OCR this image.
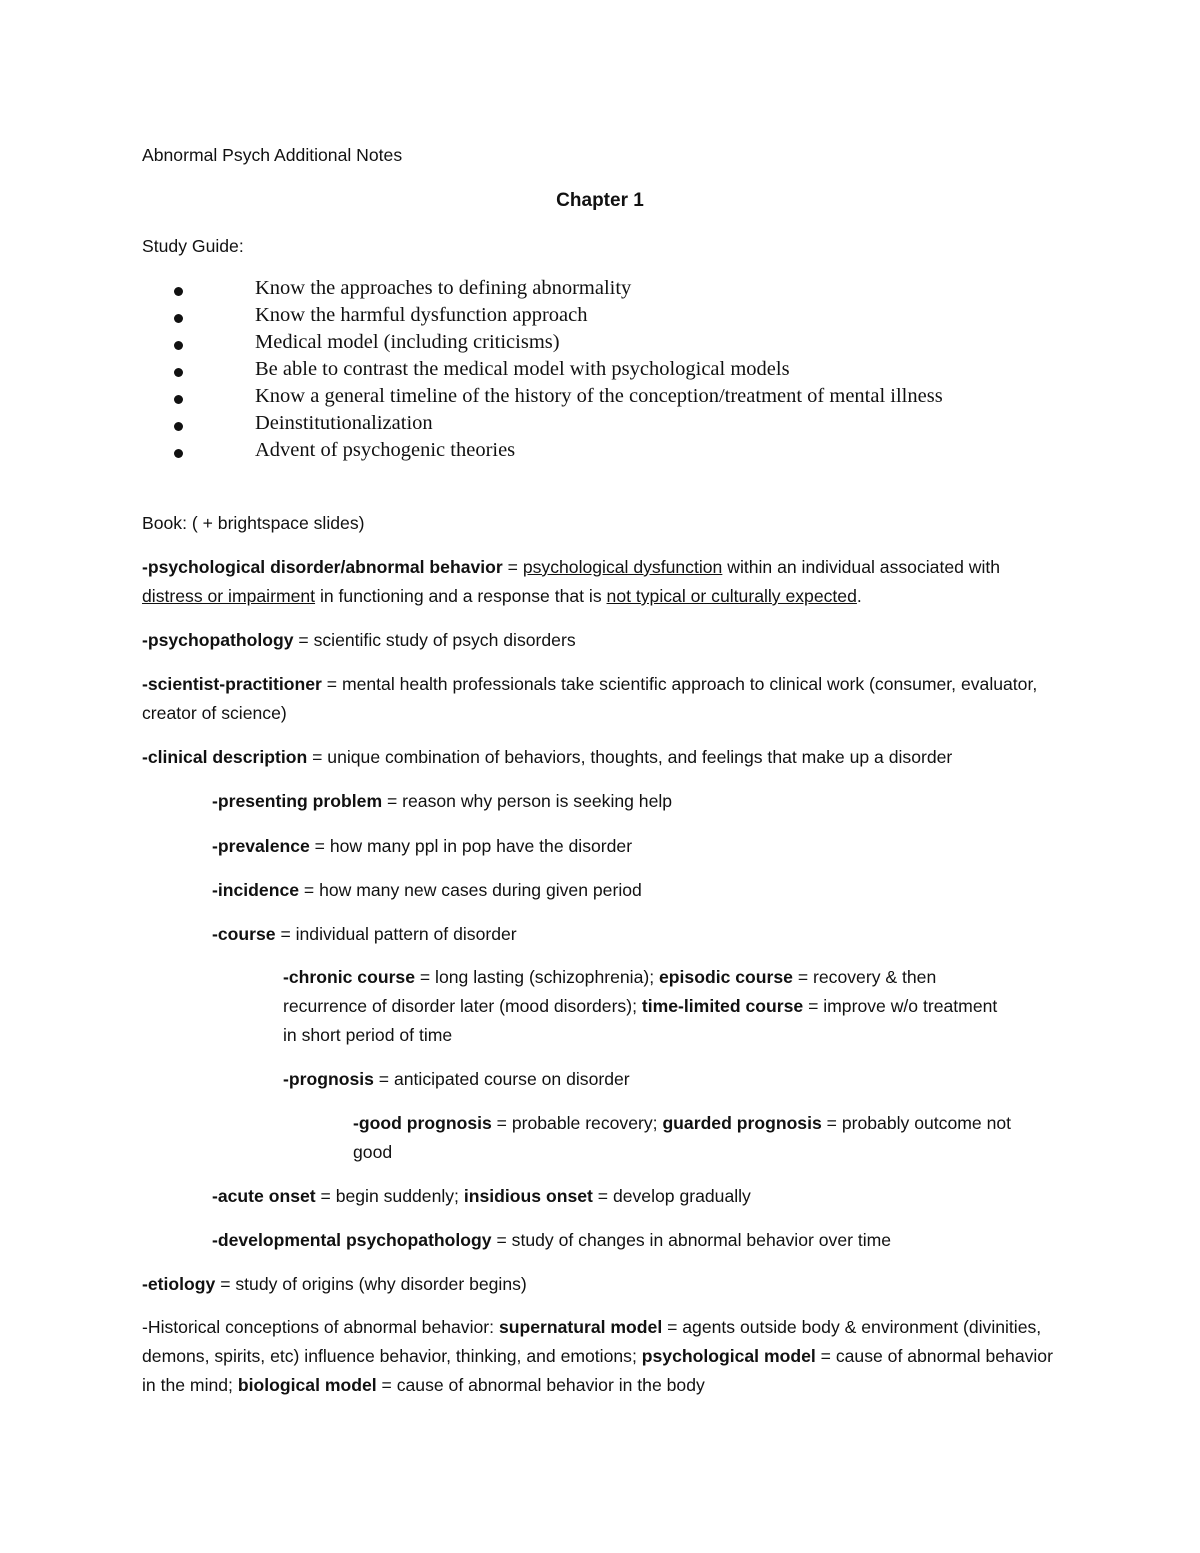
Abnormal Psych Additional Notes
Chapter 1
Study Guide:
Know the approaches to defining abnormality
Know the harmful dysfunction approach
Medical model (including criticisms)
Be able to contrast the medical model with psychological models
Know a general timeline of the history of the conception/treatment of mental illness
Deinstitutionalization
Advent of psychogenic theories
Book: ( + brightspace slides)

-psychological disorder/abnormal behavior = psychological dysfunction within an individual associated with distress or impairment in functioning and a response that is not typical or culturally expected.

-psychopathology = scientific study of psych disorders

-scientist-practitioner = mental health professionals take scientific approach to clinical work (consumer, evaluator, creator of science)

-clinical description = unique combination of behaviors, thoughts, and feelings that make up a disorder

-presenting problem = reason why person is seeking help

-prevalence = how many ppl in pop have the disorder

-incidence = how many new cases during given period

-course = individual pattern of disorder

-chronic course = long lasting (schizophrenia); episodic course = recovery & then recurrence of disorder later (mood disorders); time-limited course = improve w/o treatment in short period of time

-prognosis = anticipated course on disorder

-good prognosis = probable recovery; guarded prognosis = probably outcome not good

-acute onset = begin suddenly; insidious onset = develop gradually

-developmental psychopathology = study of changes in abnormal behavior over time

-etiology = study of origins (why disorder begins)

-Historical conceptions of abnormal behavior: supernatural model = agents outside body & environment (divinities, demons, spirits, etc) influence behavior, thinking, and emotions; psychological model = cause of abnormal behavior in the mind; biological model = cause of abnormal behavior in the body
